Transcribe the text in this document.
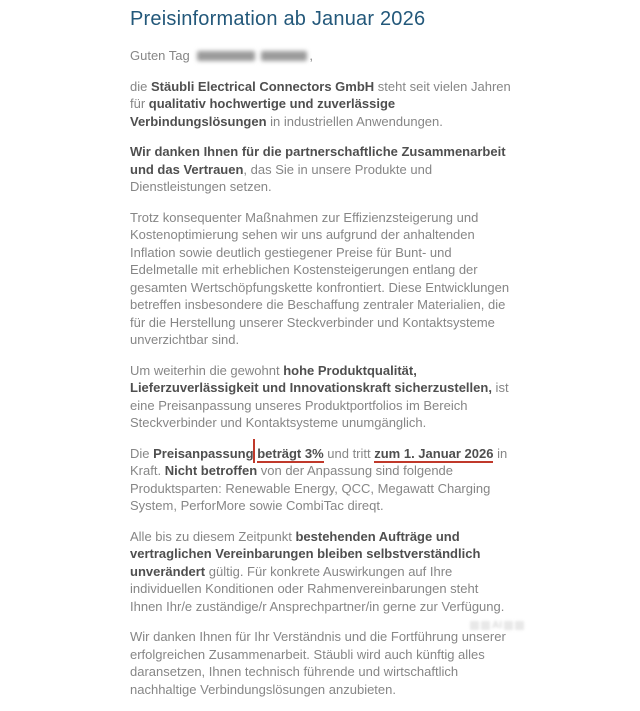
Preisinformation ab Januar 2026

Guten Tag	,

die Stäubli Electrical Connectors GmbH steht seit vielen Jahren für qualitativ hochwertige und zuverlässige Verbindungslösungen in industriellen Anwendungen.

Wir danken Ihnen für die partnerschaftliche Zusammenarbeit und das Vertrauen, das Sie in unsere Produkte und Dienstleistungen setzen.

Trotz konsequenter Maßnahmen zur Effizienzsteigerung und Kostenoptimierung sehen wir uns aufgrund der anhaltenden Inflation sowie deutlich gestiegener Preise für Bunt- und Edelmetalle mit erheblichen Kostensteigerungen entlang der gesamten Wertschöpfungskette konfrontiert. Diese Entwicklungen betreffen insbesondere die Beschaffung zentraler Materialien, die für die Herstellung unserer Steckverbinder und Kontaktsysteme unverzichtbar sind.

Um weiterhin die gewohnt hohe Produktqualität, Lieferzuverlässigkeit und Innovationskraft sicherzustellen, ist eine Preisanpassung unseres Produktportfolios im Bereich Steckverbinder und Kontaktsysteme unumgänglich.

Die Preisanpassung beträgt 3% und tritt zum 1. Januar 2026 in Kraft. Nicht betroffen von der Anpassung sind folgende Produktsparten: Renewable Energy, QCC, Megawatt Charging System, PerforMore sowie CombiTac direqt.

Alle bis zu diesem Zeitpunkt bestehenden Aufträge und vertraglichen Vereinbarungen bleiben selbstverständlich unverändert gültig. Für konkrete Auswirkungen auf Ihre individuellen Konditionen oder Rahmenvereinbarungen steht Ihnen Ihr/e zuständige/r Ansprechpartner/in gerne zur Verfügung.

Wir danken Ihnen für Ihr Verständnis und die Fortführung unserer erfolgreichen Zusammenarbeit. Stäubli wird auch künftig alles daransetzen, Ihnen technisch führende und wirtschaftlich nachhaltige Verbindungslösungen anzubieten.

AI
